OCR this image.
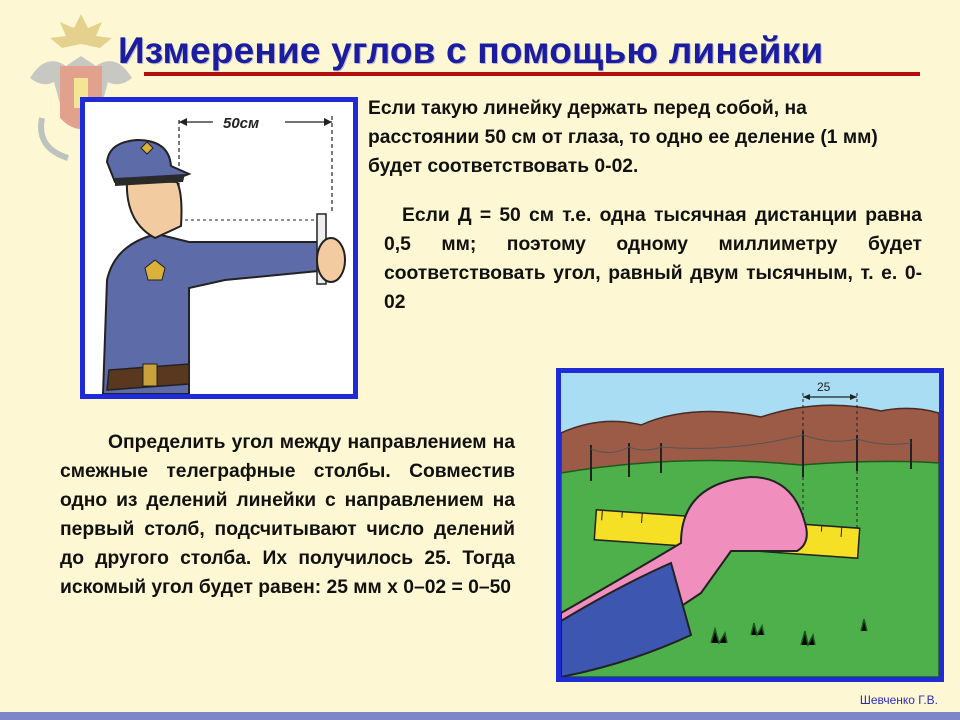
Измерение углов с помощью линейки
50см
Если такую линейку держать перед собой, на расстоянии 50 см от глаза, то одно ее деление (1 мм) будет соответствовать 0-02.
Если Д = 50 см т.е. одна тысячная дистанции равна 0,5 мм; поэтому одному миллиметру будет соответствовать угол, равный двум тысячным, т. е. 0-02
25
Определить угол между направлением на смежные телеграфные столбы. Совместив одно из делений линейки с направлением на первый столб, подсчитывают число делений до другого столба. Их получилось 25. Тогда искомый угол будет равен: 25 мм х 0–02 = 0–50
Шевченко Г.В.
